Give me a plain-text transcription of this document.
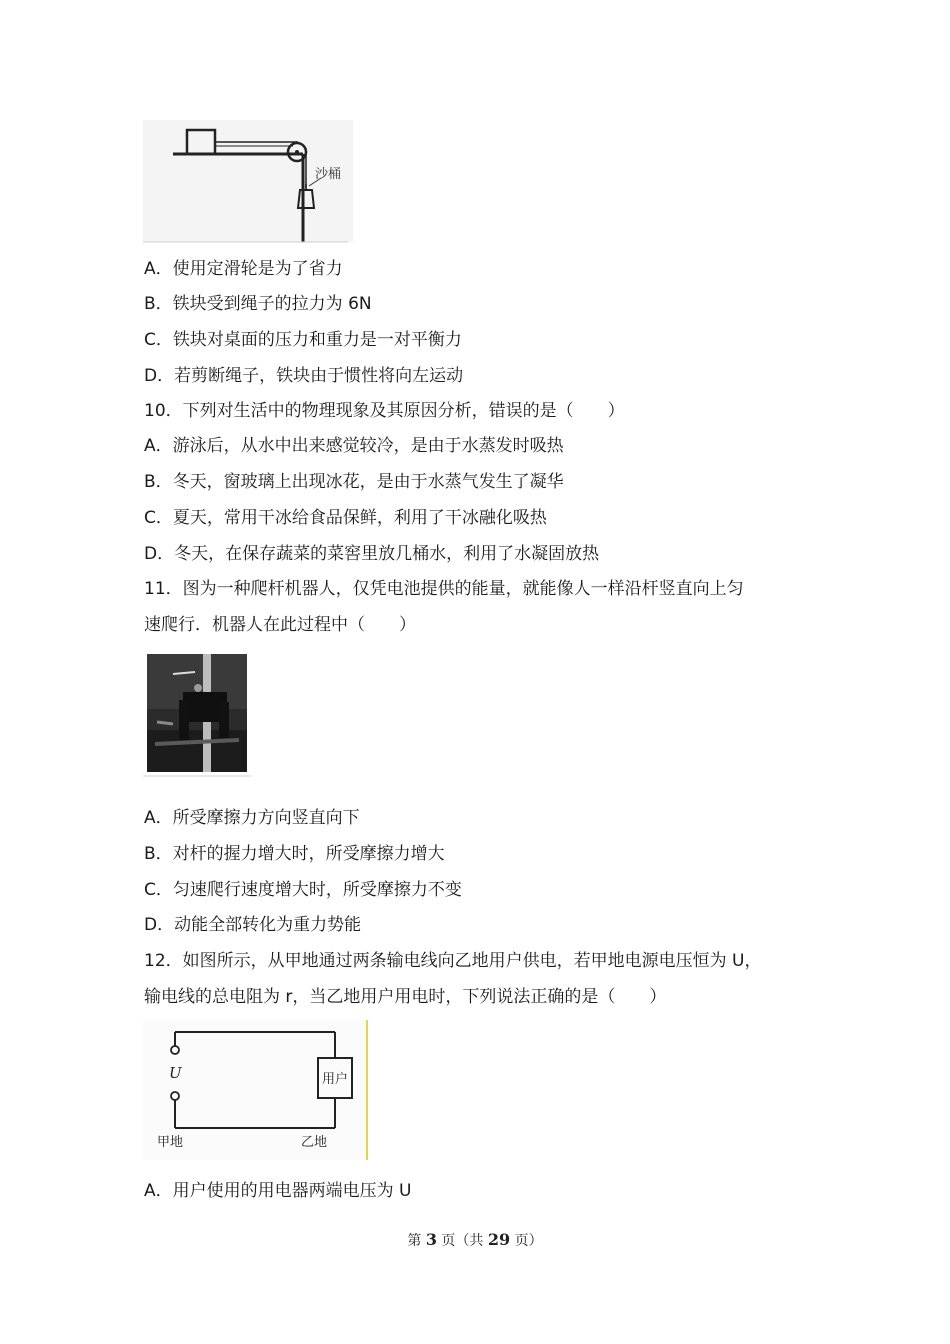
沙桶
A．使用定滑轮是为了省力
B．铁块受到绳子的拉力为 6N
C．铁块对桌面的压力和重力是一对平衡力
D．若剪断绳子，铁块由于惯性将向左运动
10．下列对生活中的物理现象及其原因分析，错误的是（　　）
A．游泳后，从水中出来感觉较冷，是由于水蒸发时吸热
B．冬天，窗玻璃上出现冰花，是由于水蒸气发生了凝华
C．夏天，常用干冰给食品保鲜，利用了干冰融化吸热
D．冬天，在保存蔬菜的菜窖里放几桶水，利用了水凝固放热
11．图为一种爬杆机器人，仅凭电池提供的能量，就能像人一样沿杆竖直向上匀
速爬行．机器人在此过程中（　　）
A．所受摩擦力方向竖直向下
B．对杆的握力增大时，所受摩擦力增大
C．匀速爬行速度增大时，所受摩擦力不变
D．动能全部转化为重力势能
12．如图所示，从甲地通过两条输电线向乙地用户供电，若甲地电源电压恒为 U，
输电线的总电阻为 r，当乙地用户用电时，下列说法正确的是（　　）
U	用户
甲地	乙地
A．用户使用的用电器两端电压为 U
第 3 页（共 29 页）
